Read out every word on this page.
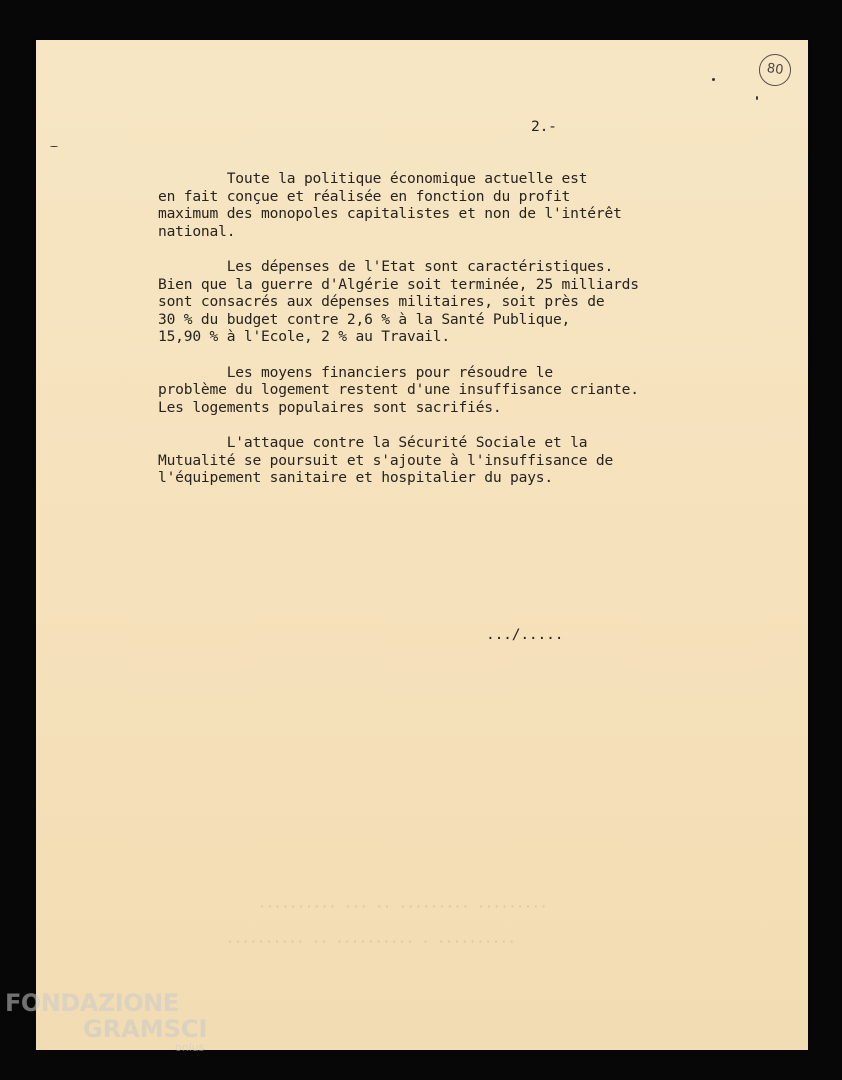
80
2.-
Toute la politique économique actuelle est
en fait conçue et réalisée en fonction du profit
maximum des monopoles capitalistes et non de l'intérêt
national.
Les dépenses de l'Etat sont caractéristiques.
Bien que la guerre d'Algérie soit terminée, 25 milliards
sont consacrés aux dépenses militaires, soit près de
30 % du budget contre 2,6 % à la Santé Publique,
15,90 % à l'Ecole, 2 % au Travail.
Les moyens financiers pour résoudre le
problème du logement restent d'une insuffisance criante.
Les logements populaires sont sacrifiés.
L'attaque contre la Sécurité Sociale et la
Mutualité se poursuit et s'ajoute à l'insuffisance de
l'équipement sanitaire et hospitalier du pays.
.../.....
·········· ··· ·· ········· ·········
·········· ·· ·········· · ··········
FONDAZIONE
GRAMSCI
onlus
